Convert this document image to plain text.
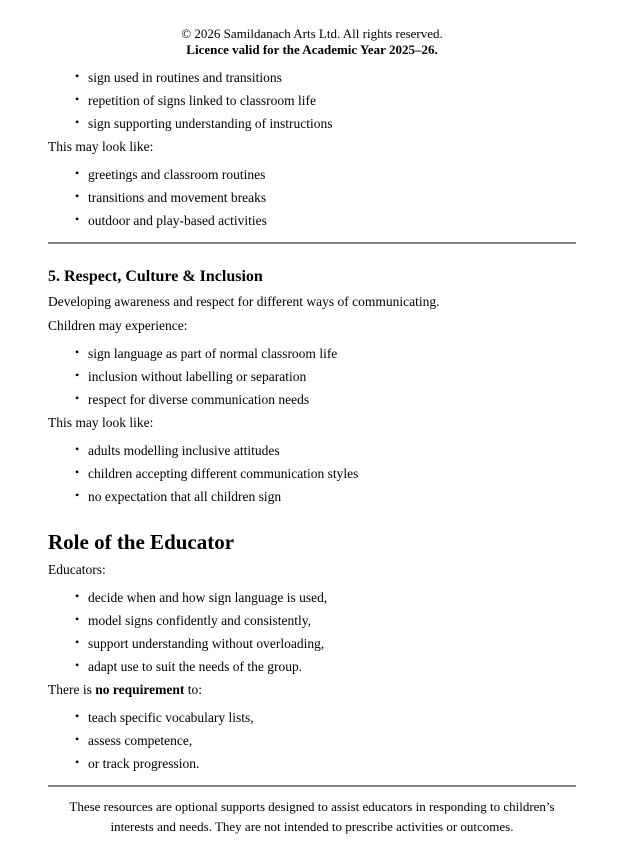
© 2026 Samildanach Arts Ltd. All rights reserved.

Licence valid for the Academic Year 2025–26.

• sign used in routines and transitions
• repetition of signs linked to classroom life
• sign supporting understanding of instructions

This may look like:

• greetings and classroom routines
• transitions and movement breaks
• outdoor and play-based activities
5. Respect, Culture & Inclusion

Developing awareness and respect for different ways of communicating.

Children may experience:

• sign language as part of normal classroom life
• inclusion without labelling or separation
• respect for diverse communication needs

This may look like:

• adults modelling inclusive attitudes
• children accepting different communication styles
• no expectation that all children sign
Role of the Educator

Educators:

• decide when and how sign language is used,
• model signs confidently and consistently,
• support understanding without overloading,
• adapt use to suit the needs of the group.

There is no requirement to:

• teach specific vocabulary lists,
• assess competence,
• or track progression.

These resources are optional supports designed to assist educators in responding to children’s interests and needs. They are not intended to prescribe activities or outcomes.
